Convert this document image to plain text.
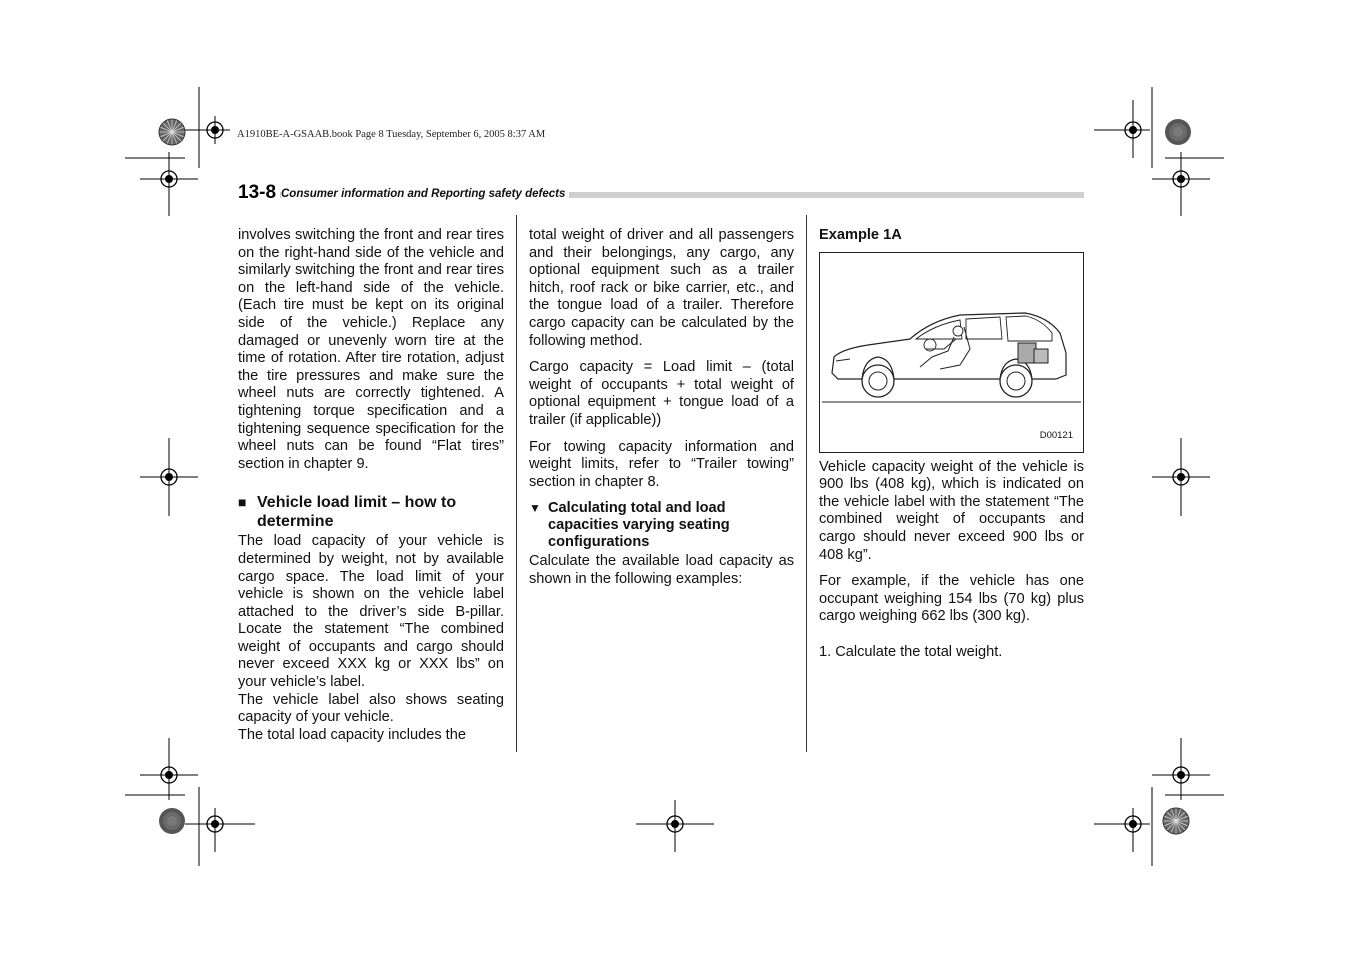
A1910BE-A-GSAAB.book Page 8 Tuesday, September 6, 2005 8:37 AM
13-8 Consumer information and Reporting safety defects

involves switching the front and rear tires on the right-hand side of the vehicle and similarly switching the front and rear tires on the left-hand side of the vehicle. (Each tire must be kept on its original side of the vehicle.) Replace any damaged or unevenly worn tire at the time of rotation. After tire rotation, adjust the tire pressures and make sure the wheel nuts are correctly tightened. A tightening torque specification and a tightening sequence specification for the wheel nuts can be found “Flat tires” section in chapter 9.

■ Vehicle load limit – how to determine

The load capacity of your vehicle is determined by weight, not by available cargo space. The load limit of your vehicle is shown on the vehicle label attached to the driver’s side B-pillar. Locate the statement “The combined weight of occupants and cargo should never exceed XXX kg or XXX lbs” on your vehicle’s label.

The vehicle label also shows seating capacity of your vehicle.

The total load capacity includes the

total weight of driver and all passengers and their belongings, any cargo, any optional equipment such as a trailer hitch, roof rack or bike carrier, etc., and the tongue load of a trailer. Therefore cargo capacity can be calculated by the following method.

Cargo capacity = Load limit – (total weight of occupants + total weight of optional equipment + tongue load of a trailer (if applicable))

For towing capacity information and weight limits, refer to “Trailer towing” section in chapter 8.

▼ Calculating total and load capacities varying seating configurations

Calculate the available load capacity as shown in the following examples:

Example 1A
D00121

Vehicle capacity weight of the vehicle is 900 lbs (408 kg), which is indicated on the vehicle label with the statement “The combined weight of occupants and cargo should never exceed 900 lbs or 408 kg”.

For example, if the vehicle has one occupant weighing 154 lbs (70 kg) plus cargo weighing 662 lbs (300 kg).

1. Calculate the total weight.
